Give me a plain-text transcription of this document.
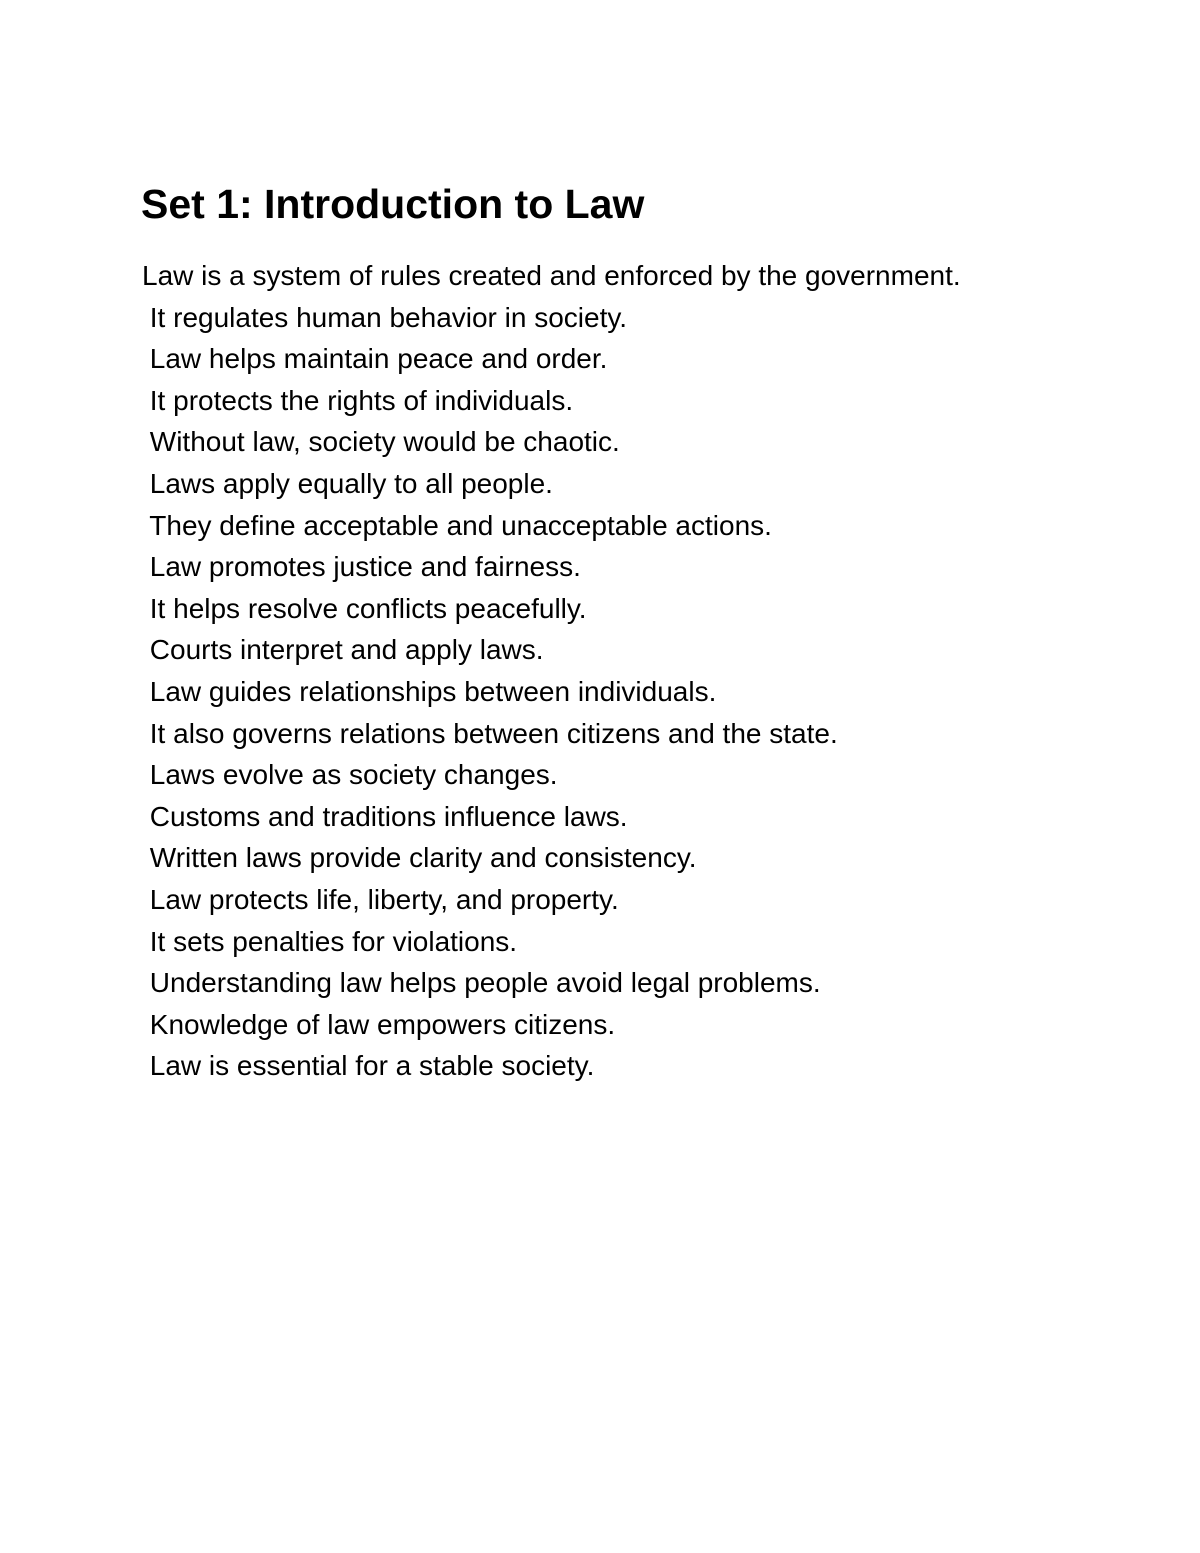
Set 1: Introduction to Law
Law is a system of rules created and enforced by the government.
It regulates human behavior in society.
Law helps maintain peace and order.
It protects the rights of individuals.
Without law, society would be chaotic.
Laws apply equally to all people.
They define acceptable and unacceptable actions.
Law promotes justice and fairness.
It helps resolve conflicts peacefully.
Courts interpret and apply laws.
Law guides relationships between individuals.
It also governs relations between citizens and the state.
Laws evolve as society changes.
Customs and traditions influence laws.
Written laws provide clarity and consistency.
Law protects life, liberty, and property.
It sets penalties for violations.
Understanding law helps people avoid legal problems.
Knowledge of law empowers citizens.
Law is essential for a stable society.
